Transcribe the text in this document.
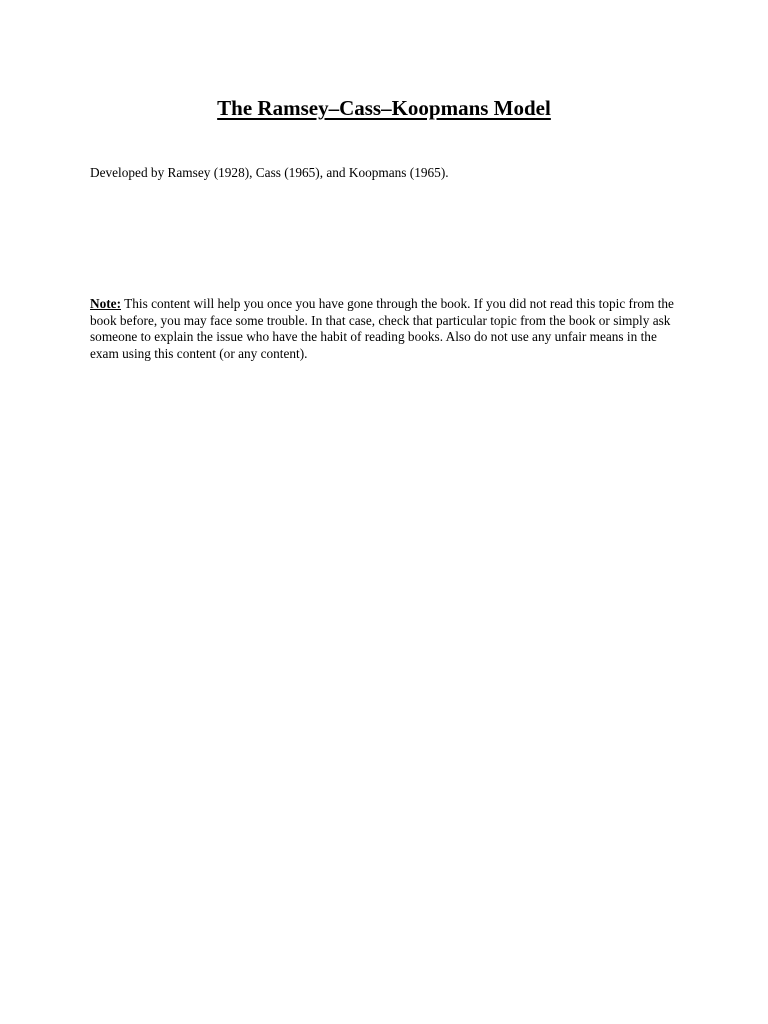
The Ramsey–Cass–Koopmans Model

Developed by Ramsey (1928), Cass (1965), and Koopmans (1965).

Note: This content will help you once you have gone through the book. If you did not read this topic from the book before, you may face some trouble. In that case, check that particular topic from the book or simply ask someone to explain the issue who have the habit of reading books. Also do not use any unfair means in the exam using this content (or any content).
